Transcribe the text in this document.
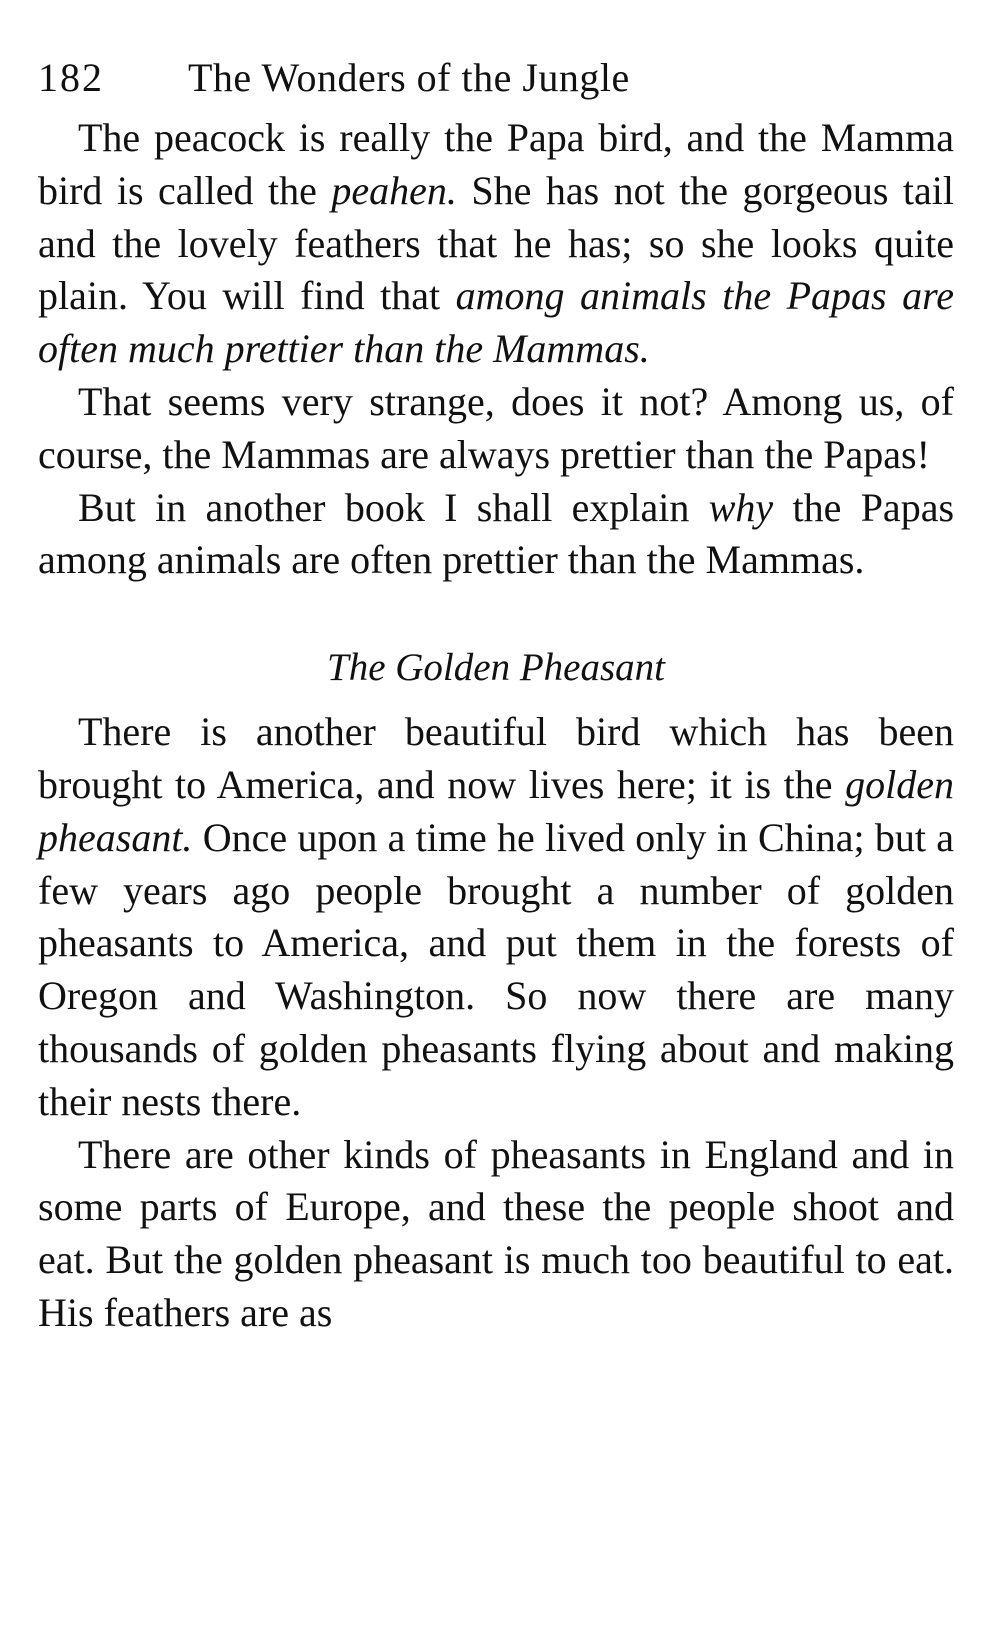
182 The Wonders of the Jungle

The peacock is really the Papa bird, and the Mamma bird is called the peahen. She has not the gorgeous tail and the lovely feathers that he has; so she looks quite plain. You will find that among animals the Papas are often much prettier than the Mammas.

That seems very strange, does it not? Among us, of course, the Mammas are always prettier than the Papas!

But in another book I shall explain why the Papas among animals are often prettier than the Mammas.

The Golden Pheasant

There is another beautiful bird which has been brought to America, and now lives here; it is the golden pheasant. Once upon a time he lived only in China; but a few years ago people brought a number of golden pheasants to America, and put them in the forests of Oregon and Washington. So now there are many thousands of golden pheasants flying about and making their nests there.

There are other kinds of pheasants in England and in some parts of Europe, and these the people shoot and eat. But the golden pheasant is much too beautiful to eat. His feathers are as
